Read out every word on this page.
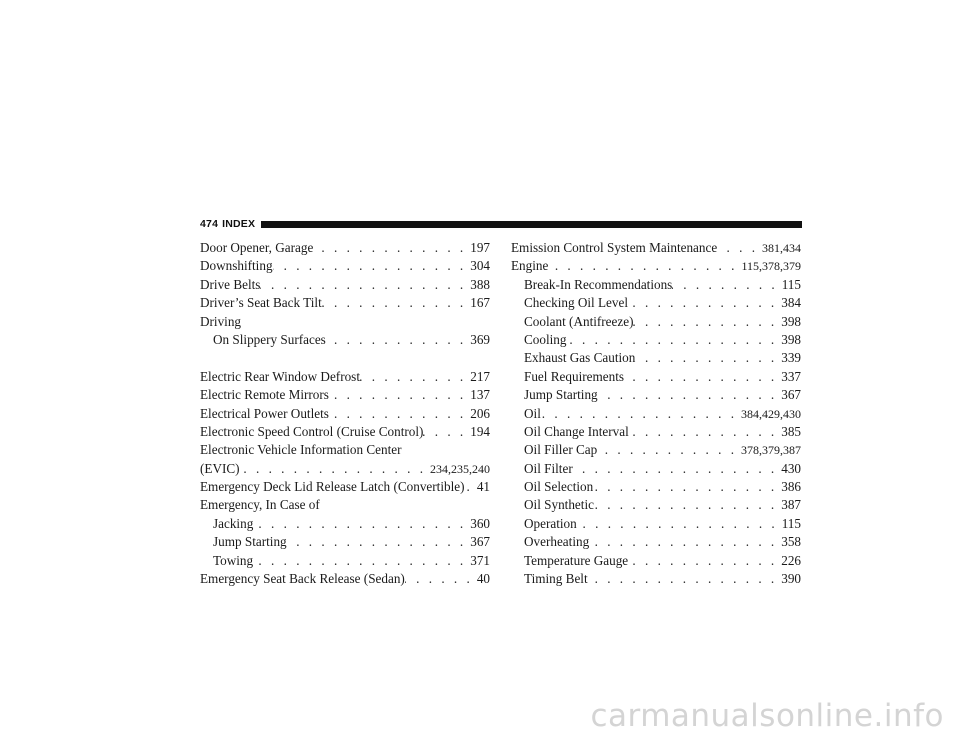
474 INDEX
Door Opener, Garage . . .	197
Downshifting . . .	304
Drive Belts . . .	388
Driver’s Seat Back Tilt . . .	167
Driving
On Slippery Surfaces . . .	369
Electric Rear Window Defrost . . .	217
Electric Remote Mirrors . . .	137
Electrical Power Outlets . . .	206
Electronic Speed Control (Cruise Control) . . .	194
Electronic Vehicle Information Center
(EVIC) . . .	234,235,240
Emergency Deck Lid Release Latch (Convertible) . . . 41
Emergency, In Case of
Jacking . . .	360
Jump Starting . . .	367
Towing . . .	371
Emergency Seat Back Release (Sedan) . . .	40
Emission Control System Maintenance . . .	381,434
Engine . . .	115,378,379
Break-In Recommendations . . .	115
Checking Oil Level . . .	384
Coolant (Antifreeze) . . .	398
Cooling . . .	398
Exhaust Gas Caution . . .	339
Fuel Requirements . . .	337
Jump Starting . . .	367
Oil . . .	384,429,430
Oil Change Interval . . .	385
Oil Filler Cap . . .	378,379,387
Oil Filter . . .	430
Oil Selection . . .	386
Oil Synthetic . . .	387
Operation . . .	115
Overheating . . .	358
Temperature Gauge . . .	226
Timing Belt . . .	390
carmanualsonline.info
